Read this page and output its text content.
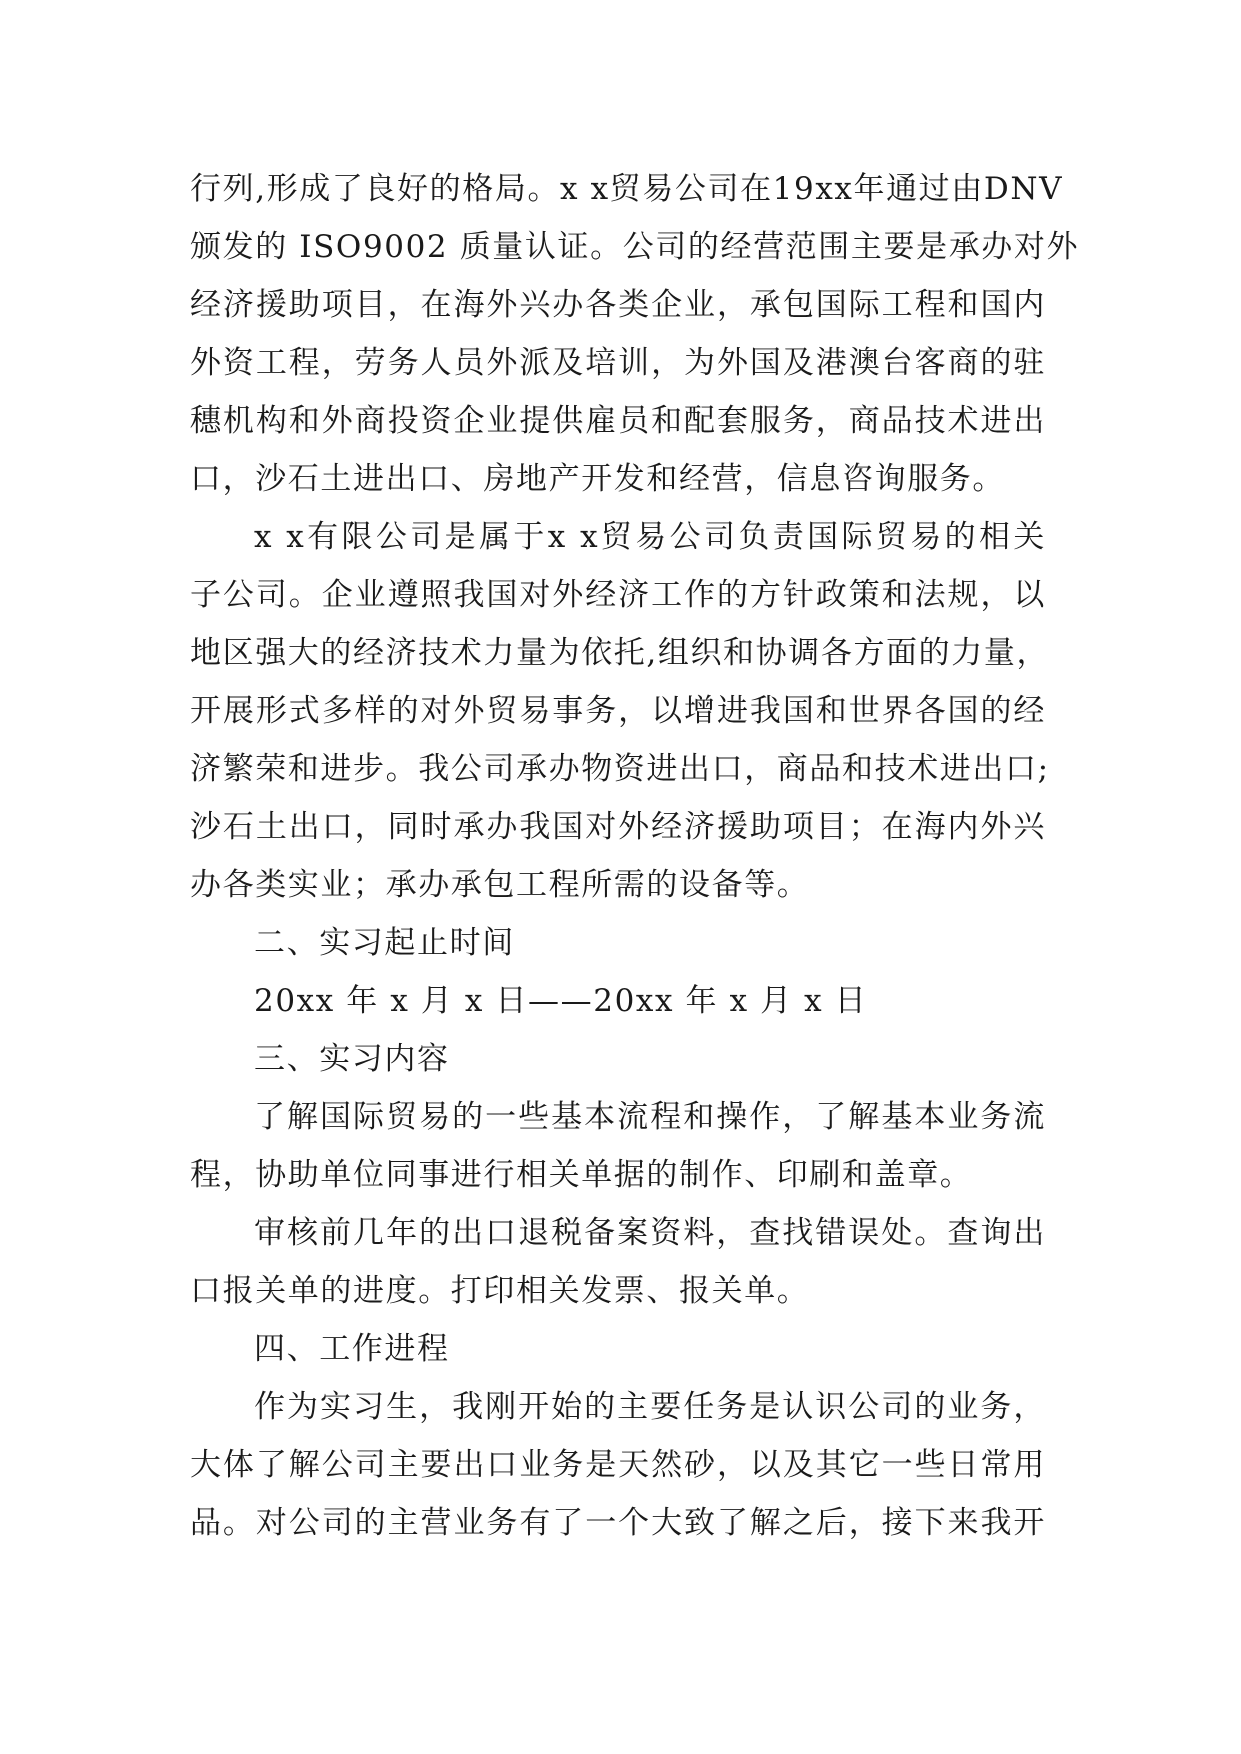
行列,形成了良好的格局。x x贸易公司在19xx年通过由DNV
颁发的 ISO9002 质量认证。公司的经营范围主要是承办对外
经济援助项目，在海外兴办各类企业，承包国际工程和国内
外资工程，劳务人员外派及培训，为外国及港澳台客商的驻
穗机构和外商投资企业提供雇员和配套服务，商品技术进出
口，沙石土进出口、房地产开发和经营，信息咨询服务。
x x有限公司是属于x x贸易公司负责国际贸易的相关
子公司。企业遵照我国对外经济工作的方针政策和法规，以
地区强大的经济技术力量为依托,组织和协调各方面的力量，
开展形式多样的对外贸易事务，以增进我国和世界各国的经
济繁荣和进步。我公司承办物资进出口，商品和技术进出口;
沙石土出口，同时承办我国对外经济援助项目；在海内外兴
办各类实业；承办承包工程所需的设备等。
二、实习起止时间
20xx 年 x 月 x 日——20xx 年 x 月 x 日
三、实习内容
了解国际贸易的一些基本流程和操作，了解基本业务流
程，协助单位同事进行相关单据的制作、印刷和盖章。
审核前几年的出口退税备案资料，查找错误处。查询出
口报关单的进度。打印相关发票、报关单。
四、工作进程
作为实习生，我刚开始的主要任务是认识公司的业务，
大体了解公司主要出口业务是天然砂，以及其它一些日常用
品。对公司的主营业务有了一个大致了解之后，接下来我开
